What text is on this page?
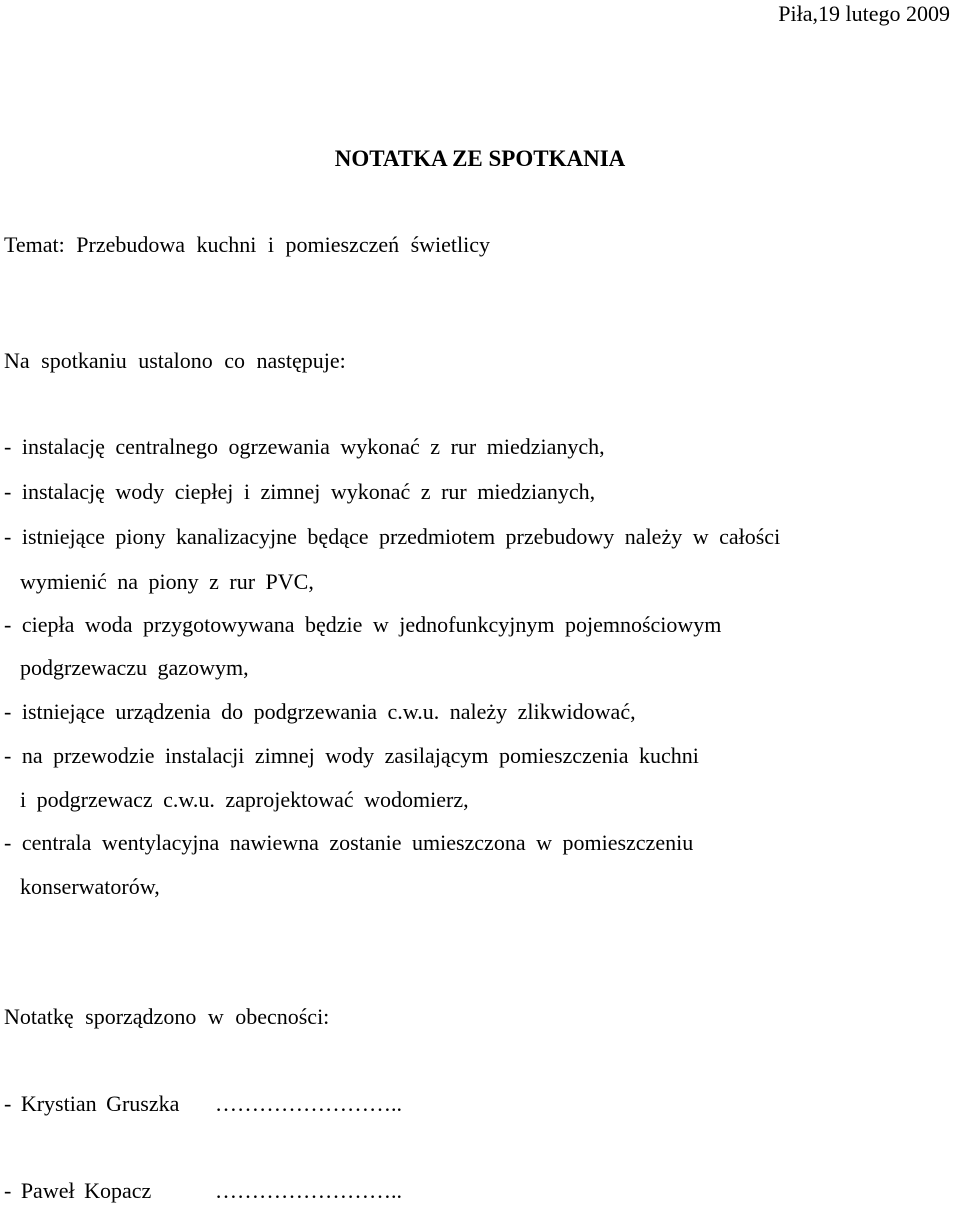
Piła,19 lutego 2009
NOTATKA ZE SPOTKANIA
Temat: Przebudowa kuchni i pomieszczeń świetlicy
Na spotkaniu ustalono co następuje:
- instalację centralnego ogrzewania wykonać z rur miedzianych,
- instalację wody ciepłej i zimnej wykonać z rur miedzianych,
- istniejące piony kanalizacyjne będące przedmiotem przebudowy należy w całości
wymienić na piony z rur PVC,
- ciepła woda przygotowywana będzie w jednofunkcyjnym pojemnościowym
podgrzewaczu gazowym,
- istniejące urządzenia do podgrzewania c.w.u. należy zlikwidować,
- na przewodzie instalacji zimnej wody zasilającym pomieszczenia kuchni
i podgrzewacz c.w.u. zaprojektować wodomierz,
- centrala wentylacyjna nawiewna zostanie umieszczona w pomieszczeniu
konserwatorów,
Notatkę sporządzono w obecności:
- Krystian Gruszka ……………………..
- Paweł Kopacz	……………………..
